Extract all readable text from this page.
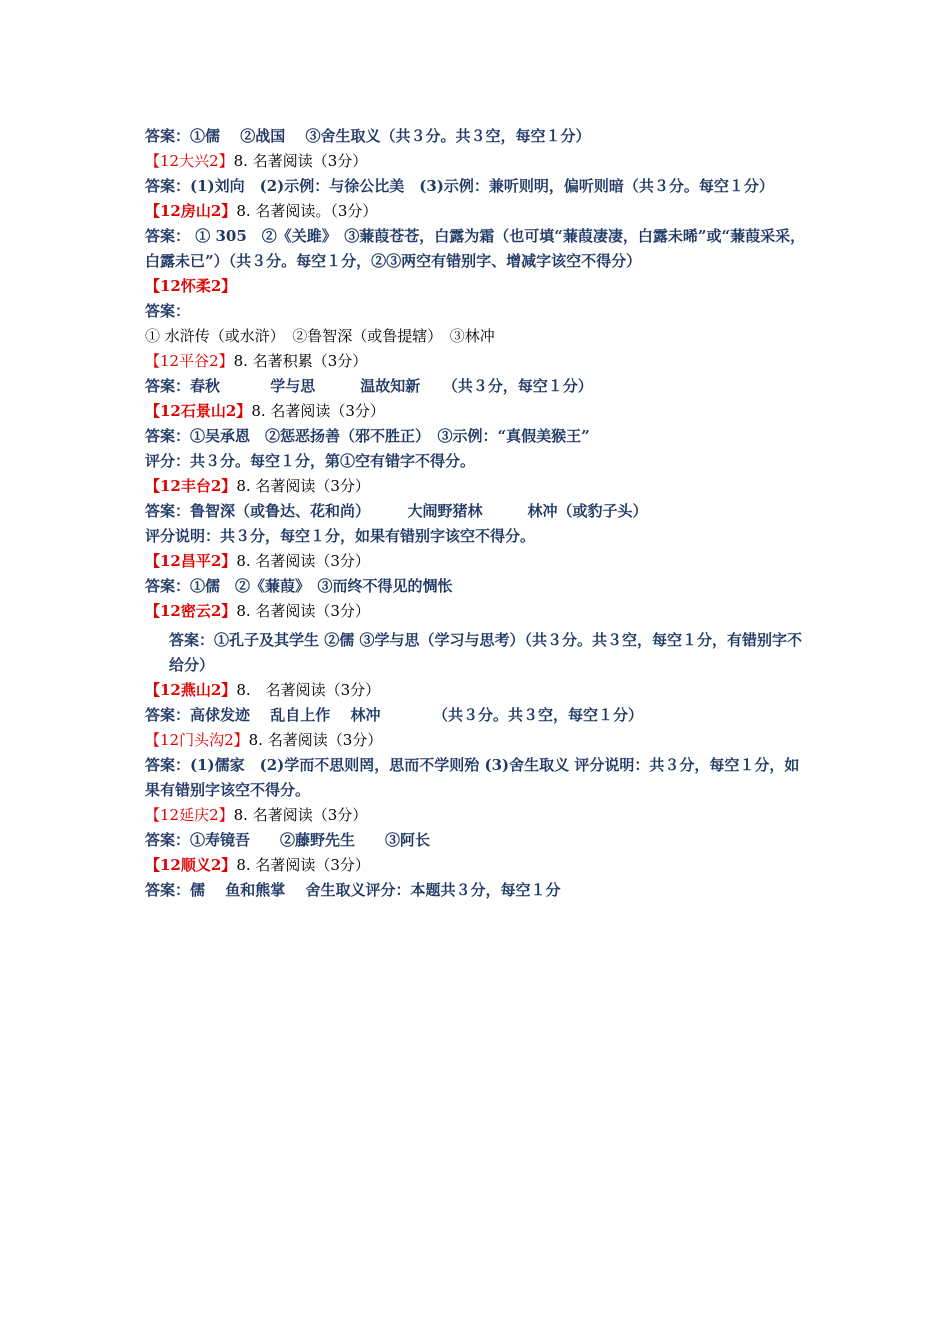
答案：①儒　 ②战国　 ③舍生取义（共３分。共３空，每空１分）
【12大兴2】8. 名著阅读（3分）
答案：(1)刘向　(2)示例：与徐公比美　(3)示例：兼听则明，偏听则暗（共３分。每空１分）
【12房山2】8. 名著阅读。（3分）
答案： ① 305　②《关雎》　③蒹葭苍苍，白露为霜（也可填“蒹葭凄凄，白露未晞”或“蒹葭采采，白露未已”）（共３分。每空１分，②③两空有错别字、增减字该空不得分）
【12怀柔2】
答案：
① 水浒传（或水浒）　②鲁智深（或鲁提辖）　③林冲
【12平谷2】8. 名著积累（3分）
答案：春秋　　　 学与思　　　温故知新　　（共３分，每空１分）
【12石景山2】8. 名著阅读（3分）
答案：①吴承恩　②惩恶扬善（邪不胜正）　③示例：“真假美猴王”
评分：共３分。每空１分，第①空有错字不得分。
【12丰台2】8. 名著阅读（3分）
答案：鲁智深（或鲁达、花和尚）　　　大闹野猪林　　　林冲（或豹子头）
评分说明：共３分，每空１分，如果有错别字该空不得分。
【12昌平2】8. 名著阅读（3分）
答案：①儒　②《蒹葭》　③而终不得见的惆怅
【12密云2】8. 名著阅读（3分）
答案：①孔子及其学生 ②儒 ③学与思（学习与思考）（共３分。共３空，每空１分，有错别字不给分）
【12燕山2】8.　名著阅读（3分）
答案：高俅发迹　 乱自上作　 林冲　　　　（共３分。共３空，每空１分）
【12门头沟2】8. 名著阅读（3分）
答案：(1)儒家　(2)学而不思则罔，思而不学则殆 (3)舍生取义 评分说明：共３分，每空１分，如果有错别字该空不得分。
【12延庆2】8. 名著阅读（3分）
答案：①寿镜吾　　②藤野先生　　③阿长
【12顺义2】8. 名著阅读（3分）
答案：儒　 鱼和熊掌　 舍生取义评分：本题共３分，每空１分
